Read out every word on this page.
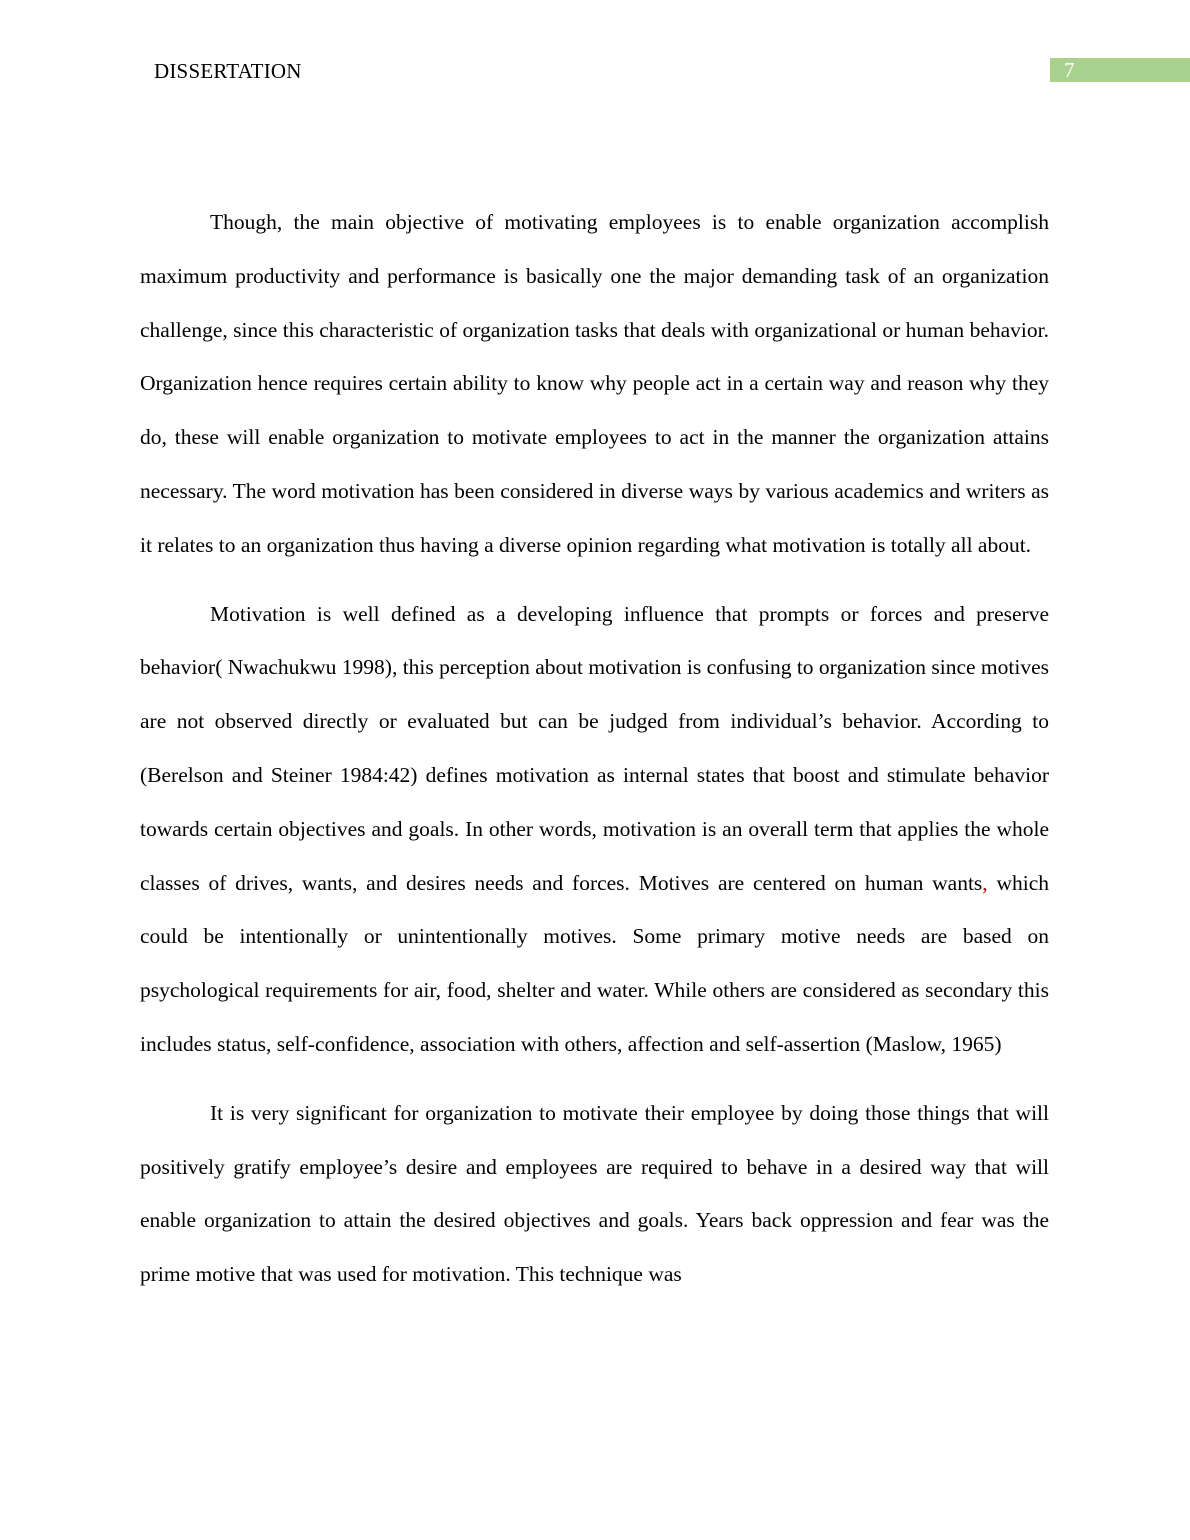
DISSERTATION	7

Though, the main objective of motivating employees is to enable organization accomplish maximum productivity and performance is basically one the major demanding task of an organization challenge, since this characteristic of organization tasks that deals with organizational or human behavior. Organization hence requires certain ability to know why people act in a certain way and reason why they do, these will enable organization to motivate employees to act in the manner the organization attains necessary. The word motivation has been considered in diverse ways by various academics and writers as it relates to an organization thus having a diverse opinion regarding what motivation is totally all about.

Motivation is well defined as a developing influence that prompts or forces and preserve behavior( Nwachukwu 1998), this perception about motivation is confusing to organization since motives are not observed directly or evaluated but can be judged from individual’s behavior. According to (Berelson and Steiner 1984:42) defines motivation as internal states that boost and stimulate behavior towards certain objectives and goals. In other words, motivation is an overall term that applies the whole classes of drives, wants, and desires needs and forces. Motives are centered on human wants, which could be intentionally or unintentionally motives. Some primary motive needs are based on psychological requirements for air, food, shelter and water. While others are considered as secondary this includes status, self-confidence, association with others, affection and self-assertion (Maslow, 1965)

It is very significant for organization to motivate their employee by doing those things that will positively gratify employee’s desire and employees are required to behave in a desired way that will enable organization to attain the desired objectives and goals. Years back oppression and fear was the prime motive that was used for motivation. This technique was
